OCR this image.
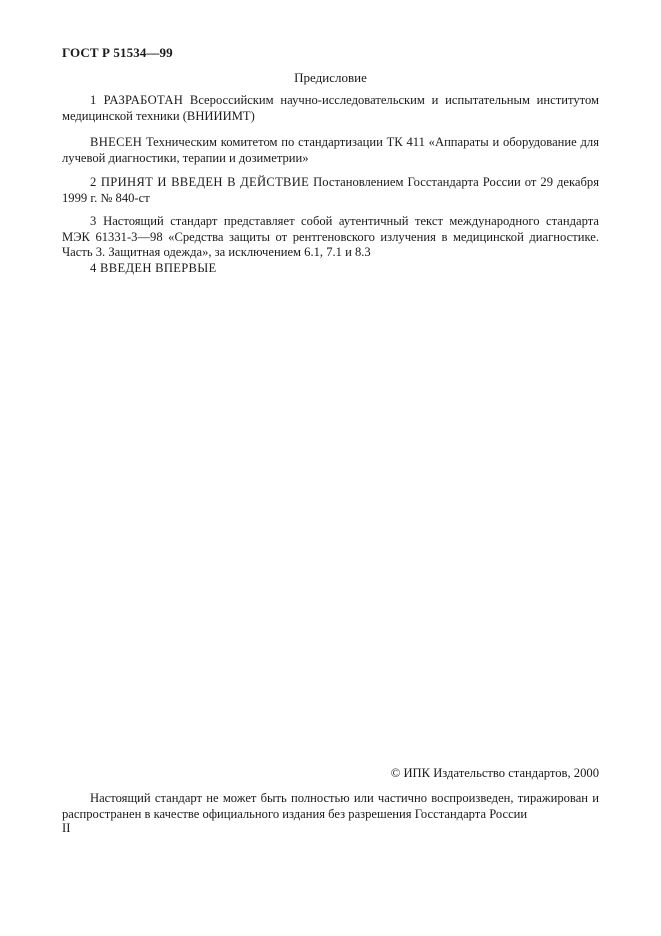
ГОСТ Р 51534—99
Предисловие
1 РАЗРАБОТАН Всероссийским научно-исследовательским и испытательным институтом медицинской техники (ВНИИИМТ)
ВНЕСЕН Техническим комитетом по стандартизации ТК 411 «Аппараты и оборудование для лучевой диагностики, терапии и дозиметрии»
2 ПРИНЯТ И ВВЕДЕН В ДЕЙСТВИЕ Постановлением Госстандарта России от 29 декабря 1999 г. № 840-ст
3 Настоящий стандарт представляет собой аутентичный текст международного стандарта МЭК 61331-3—98 «Средства защиты от рентгеновского излучения в медицинской диагностике. Часть 3. Защитная одежда», за исключением 6.1, 7.1 и 8.3
4 ВВЕДЕН ВПЕРВЫЕ
© ИПК Издательство стандартов, 2000
Настоящий стандарт не может быть полностью или частично воспроизведен, тиражирован и распространен в качестве официального издания без разрешения Госстандарта России
II
